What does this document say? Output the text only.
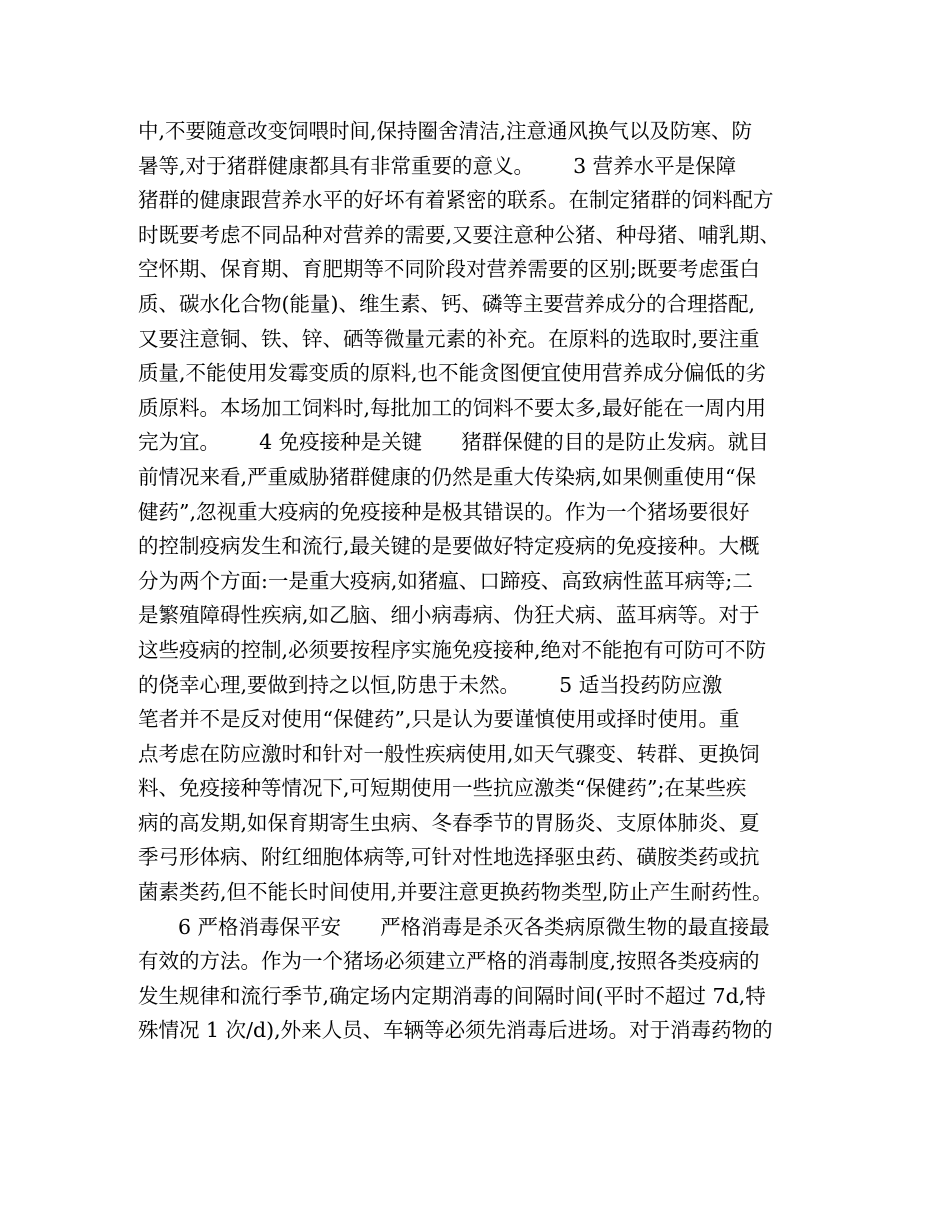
中,不要随意改变饲喂时间,保持圈舍清洁,注意通风换气以及防寒、防
暑等,对于猪群健康都具有非常重要的意义。      3 营养水平是保障
猪群的健康跟营养水平的好坏有着紧密的联系。在制定猪群的饲料配方
时既要考虑不同品种对营养的需要,又要注意种公猪、种母猪、哺乳期、
空怀期、保育期、育肥期等不同阶段对营养需要的区别;既要考虑蛋白
质、碳水化合物(能量)、维生素、钙、磷等主要营养成分的合理搭配,
又要注意铜、铁、锌、硒等微量元素的补充。在原料的选取时,要注重
质量,不能使用发霉变质的原料,也不能贪图便宜使用营养成分偏低的劣
质原料。本场加工饲料时,每批加工的饲料不要太多,最好能在一周内用
完为宜。      4 免疫接种是关键      猪群保健的目的是防止发病。就目
前情况来看,严重威胁猪群健康的仍然是重大传染病,如果侧重使用“保
健药”,忽视重大疫病的免疫接种是极其错误的。作为一个猪场要很好
的控制疫病发生和流行,最关键的是要做好特定疫病的免疫接种。大概
分为两个方面:一是重大疫病,如猪瘟、口蹄疫、高致病性蓝耳病等;二
是繁殖障碍性疾病,如乙脑、细小病毒病、伪狂犬病、蓝耳病等。对于
这些疫病的控制,必须要按程序实施免疫接种,绝对不能抱有可防可不防
的侥幸心理,要做到持之以恒,防患于未然。      5 适当投药防应激
笔者并不是反对使用“保健药”,只是认为要谨慎使用或择时使用。重
点考虑在防应激时和针对一般性疾病使用,如天气骤变、转群、更换饲
料、免疫接种等情况下,可短期使用一些抗应激类“保健药”;在某些疾
病的高发期,如保育期寄生虫病、冬春季节的胃肠炎、支原体肺炎、夏
季弓形体病、附红细胞体病等,可针对性地选择驱虫药、磺胺类药或抗
菌素类药,但不能长时间使用,并要注意更换药物类型,防止产生耐药性。
6 严格消毒保平安      严格消毒是杀灭各类病原微生物的最直接最
有效的方法。作为一个猪场必须建立严格的消毒制度,按照各类疫病的
发生规律和流行季节,确定场内定期消毒的间隔时间(平时不超过 7d,特
殊情况 1 次/d),外来人员、车辆等必须先消毒后进场。对于消毒药物的
